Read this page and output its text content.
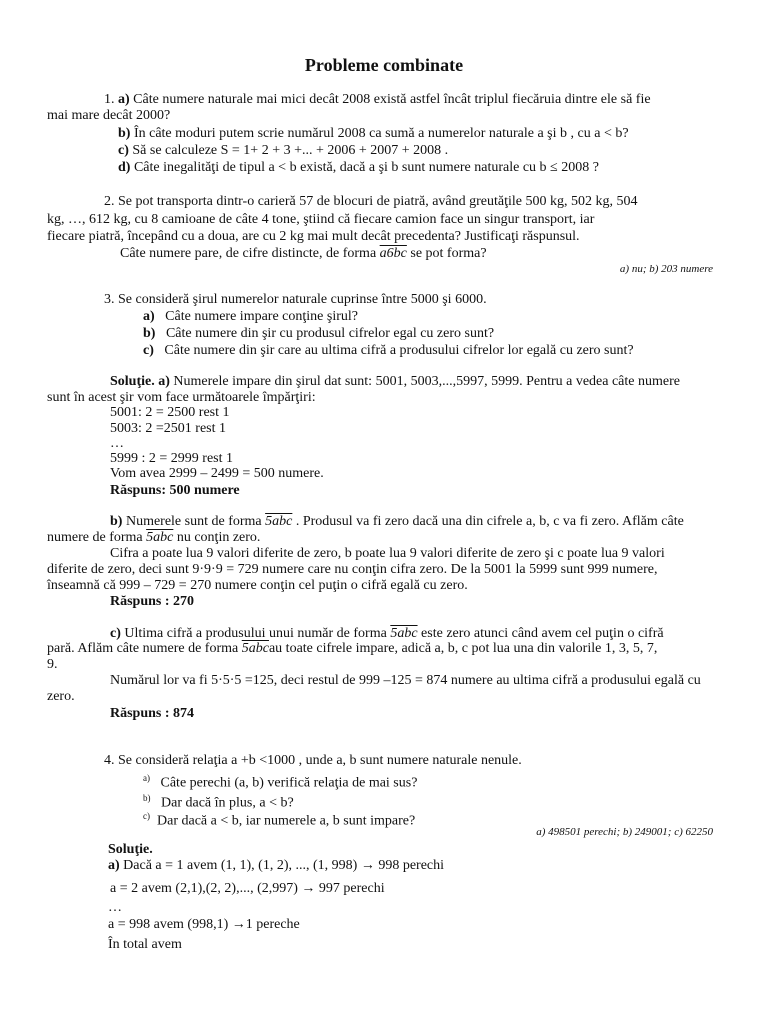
Probleme combinate
1. a) Câte numere naturale mai mici decât 2008 există astfel încât triplul fiecăruia dintre ele să fie
mai mare decât 2000?
b) În câte moduri putem scrie numărul 2008 ca sumă a numerelor naturale a şi b , cu a < b?
c) Să se calculeze S = 1+ 2 + 3 +... + 2006 + 2007 + 2008 .
d) Câte inegalităţi de tipul a < b există, dacă a şi b sunt numere naturale cu b ≤ 2008 ?
2. Se pot transporta dintr-o carieră 57 de blocuri de piatră, având greutăţile 500 kg, 502 kg, 504
kg, …, 612 kg, cu 8 camioane de câte 4 tone, ştiind că fiecare camion face un singur transport, iar
fiecare piatră, începând cu a doua, are cu 2 kg mai mult decât precedenta? Justificaţi răspunsul.
Câte numere pare, de cifre distincte, de forma a6bc se pot forma?
a) nu; b) 203 numere
3. Se consideră şirul numerelor naturale cuprinse între 5000 şi 6000.
a) Câte numere impare conţine şirul?
b) Câte numere din şir cu produsul cifrelor egal cu zero sunt?
c) Câte numere din şir care au ultima cifră a produsului cifrelor lor egală cu zero sunt?
Soluţie. a) Numerele impare din şirul dat sunt: 5001, 5003,...,5997, 5999. Pentru a vedea câte numere
sunt în acest şir vom face următoarele împărţiri:
5001: 2 = 2500 rest 1
5003: 2 =2501 rest 1
…
5999 : 2 = 2999 rest 1
Vom avea 2999 – 2499 = 500 numere.
Răspuns: 500 numere
b) Numerele sunt de forma 5abc . Produsul va fi zero dacă una din cifrele a, b, c va fi zero. Aflăm câte
numere de forma 5abc nu conţin zero.
Cifra a poate lua 9 valori diferite de zero, b poate lua 9 valori diferite de zero şi c poate lua 9 valori
diferite de zero, deci sunt 9·9·9 = 729 numere care nu conţin cifra zero. De la 5001 la 5999 sunt 999 numere,
înseamnă că 999 – 729 = 270 numere conţin cel puţin o cifră egală cu zero.
Răspuns : 270
c) Ultima cifră a produsului unui număr de forma 5abc este zero atunci când avem cel puţin o cifră
pară. Aflăm câte numere de forma 5abcau toate cifrele impare, adică a, b, c pot lua una din valorile 1, 3, 5, 7,
9.
Numărul lor va fi 5·5·5 =125, deci restul de 999 –125 = 874 numere au ultima cifră a produsului egală cu
zero.
Răspuns : 874
4. Se consideră relaţia a +b <1000 , unde a, b sunt numere naturale nenule.
$^{a)}$ Câte perechi (a, b) verifică relaţia de mai sus?
$^{b)}$ Dar dacă în plus, a < b?
$^{c)}$ Dar dacă a < b, iar numerele a, b sunt impare?
a) 498501 perechi; b) 249001; c) 62250
Soluţie.
a) Dacă a = 1 avem (1, 1), (1, 2), ..., (1, 998) → 998 perechi
a = 2 avem (2,1),(2, 2),..., (2,997) → 997 perechi
…
a = 998 avem (998,1) →1 pereche
În total avem
